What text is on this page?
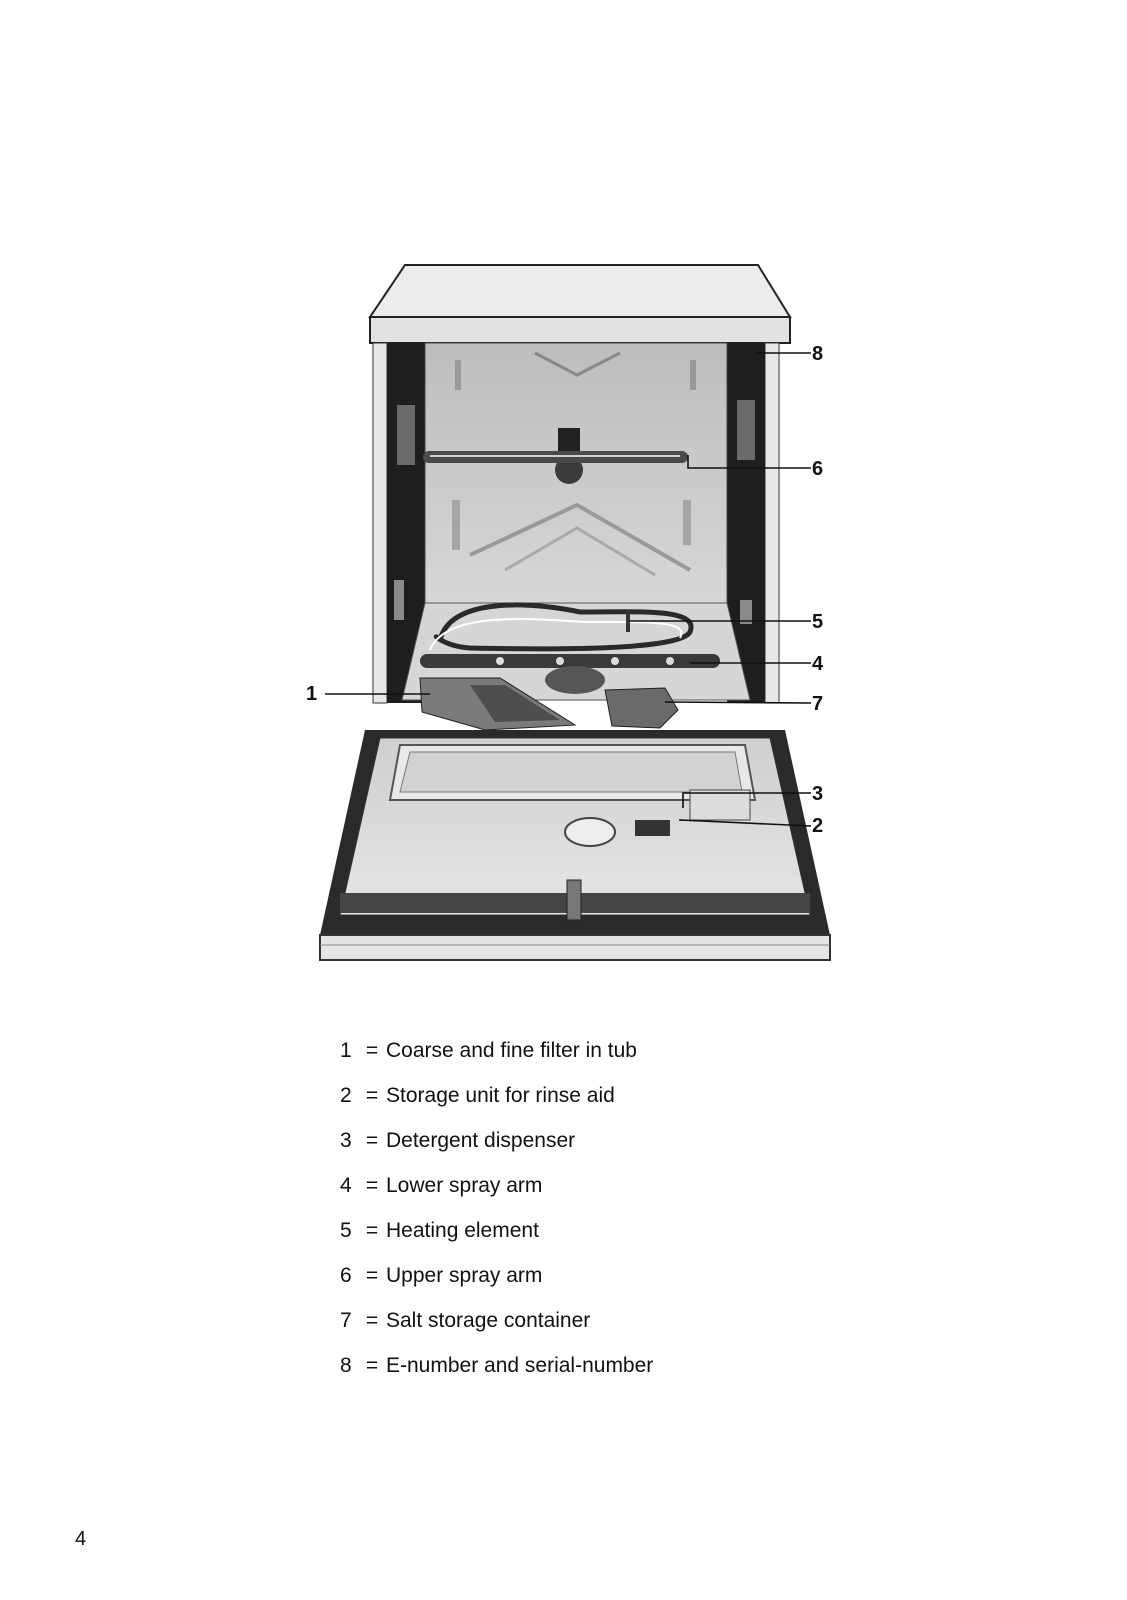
1
2
3
4
5
6
7
8
1 = Coarse and fine filter in tub
2 = Storage unit for rinse aid
3 = Detergent dispenser
4 = Lower spray arm
5 = Heating element
6 = Upper spray arm
7 = Salt storage container
8 = E-number and serial-number
4
